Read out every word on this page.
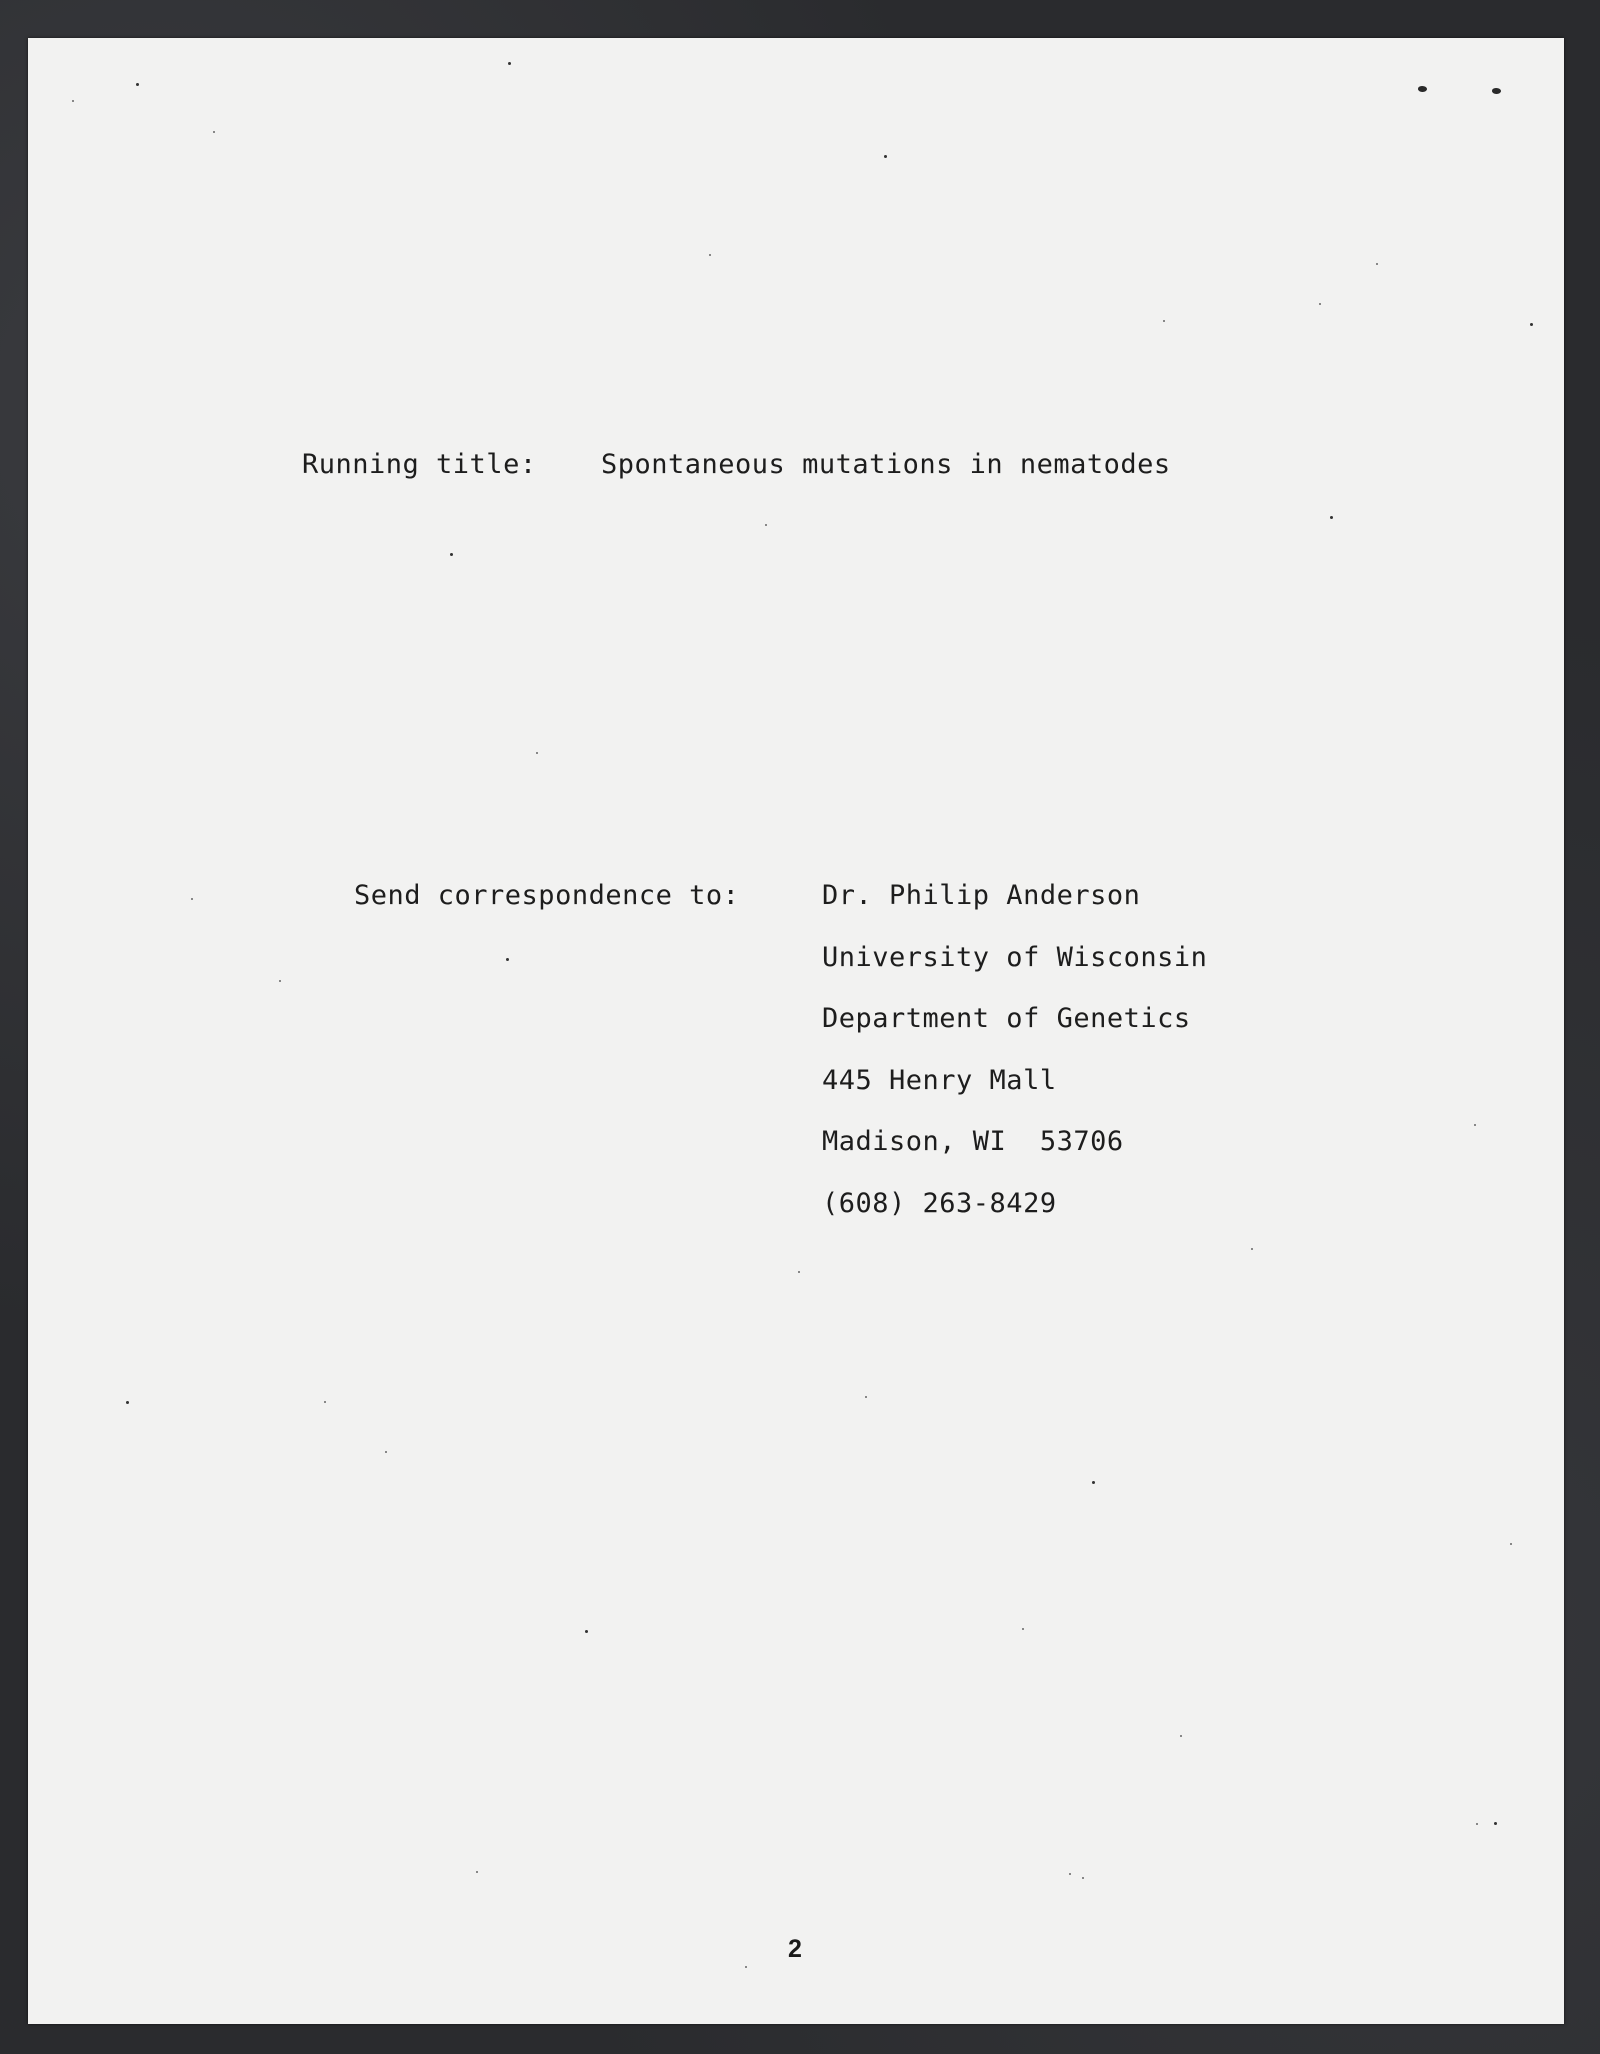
Running title: Spontaneous mutations in nematodes
Send correspondence to:	Dr. Philip Anderson
University of Wisconsin
Department of Genetics
445 Henry Mall
Madison, WI  53706
(608) 263-8429
2
